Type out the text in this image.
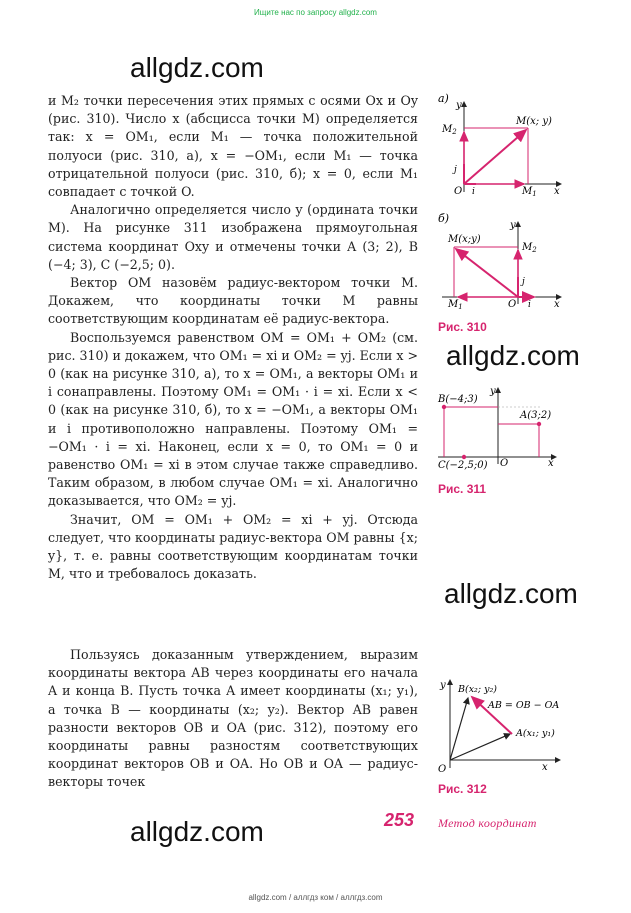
Ищите нас по запросу allgdz.com
allgdz.com
allgdz.com
allgdz.com
allgdz.com

и M₂ точки пересечения этих прямых с осями Ox и Oy (рис. 310). Число x (абсцисса точки M) определяется так: x = OM₁, если M₁ — точка положительной полуоси (рис. 310, а), x = −OM₁, если M₁ — точка отрицательной полуоси (рис. 310, б); x = 0, если M₁ совпадает с точкой O.

Аналогично определяется число y (ордината точки M). На рисунке 311 изображена прямоугольная система координат Oxy и отмечены точки A (3; 2), B (−4; 3), C (−2,5; 0).

Вектор OM назовём радиус-вектором точки M. Докажем, что координаты точки M равны соответствующим координатам её радиус-вектора.

Воспользуемся равенством OM = OM₁ + OM₂ (см. рис. 310) и докажем, что OM₁ = xi и OM₂ = yj. Если x > 0 (как на рисунке 310, а), то x = OM₁, а векторы OM₁ и i сонаправлены. Поэтому OM₁ = OM₁ · i = xi. Если x < 0 (как на рисунке 310, б), то x = −OM₁, а векторы OM₁ и i противоположно направлены. Поэтому OM₁ = −OM₁ · i = xi. Наконец, если x = 0, то OM₁ = 0 и равенство OM₁ = xi в этом случае также справедливо. Таким образом, в любом случае OM₁ = xi. Аналогично доказывается, что OM₂ = yj.

Значит, OM = OM₁ + OM₂ = xi + yj. Отсюда следует, что координаты радиус-вектора OM равны {x; y}, т. е. равны соответствующим координатам точки M, что и требовалось доказать.

Пользуясь доказанным утверждением, выразим координаты вектора AB через координаты его начала A и конца B. Пусть точка A имеет координаты (x₁; y₁), а точка B — координаты (x₂; y₂). Вектор AB равен разности векторов OB и OA (рис. 312), поэтому его координаты равны разностям соответствующих координат векторов OB и OA. Но OB и OA — радиус-векторы точек

а)
y
x
$M_2$
M(x; y)
O
j
i	$M_1$
б)
y
x
M(x;y)
$M_2$
O
j
i
$M_1$
Рис. 310
y
x
B(−4;3)
A(3;2)
C(−2,5;0) O
Рис. 311
y
x
B(x₂; y₂)
A(x₁; y₁)
AB = OB − OA
O
Рис. 312
253 Метод координат
allgdz.com / аллгдз ком / аллгдз.com
